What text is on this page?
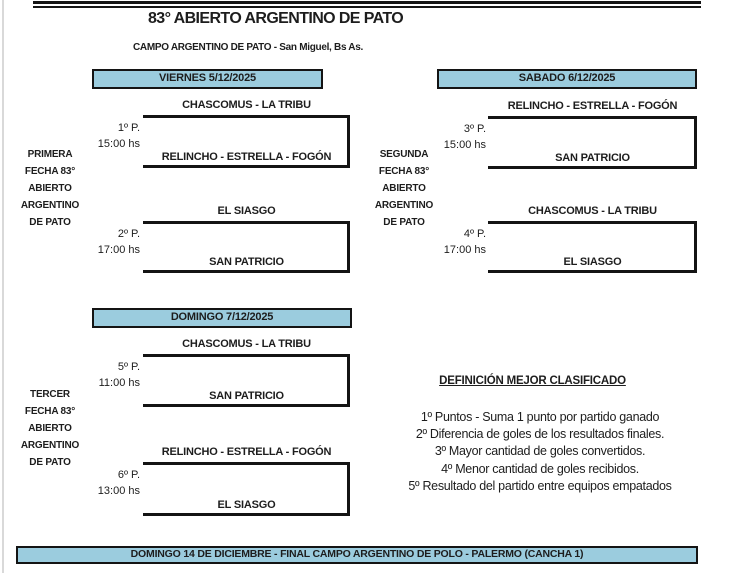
83° ABIERTO ARGENTINO DE PATO
CAMPO ARGENTINO DE PATO - San Miguel, Bs As.
VIERNES 5/12/2025
PRIMERA
FECHA 83°
ABIERTO
ARGENTINO
DE PATO
CHASCOMUS - LA TRIBU
1º P.
15:00 hs
RELINCHO - ESTRELLA - FOGÓN
EL SIASGO
2º P.
17:00 hs
SAN PATRICIO
SABADO 6/12/2025
SEGUNDA
FECHA 83°
ABIERTO
ARGENTINO
DE PATO
RELINCHO - ESTRELLA - FOGÓN
3º P.
15:00 hs
SAN PATRICIO
CHASCOMUS - LA TRIBU
4º P.
17:00 hs
EL SIASGO
DOMINGO 7/12/2025
TERCER
FECHA 83°
ABIERTO
ARGENTINO
DE PATO
CHASCOMUS - LA TRIBU
5º P.
11:00 hs
SAN PATRICIO
RELINCHO - ESTRELLA - FOGÓN
6º P.
13:00 hs
EL SIASGO
DEFINICIÓN MEJOR CLASIFICADO
1º Puntos - Suma 1 punto por partido ganado
2º Diferencia de goles de los resultados finales.
3º Mayor cantidad de goles convertidos.
4º Menor cantidad de goles recibidos.
5º Resultado del partido entre equipos empatados
DOMINGO 14 DE DICIEMBRE - FINAL CAMPO ARGENTINO DE POLO - PALERMO (CANCHA 1)
